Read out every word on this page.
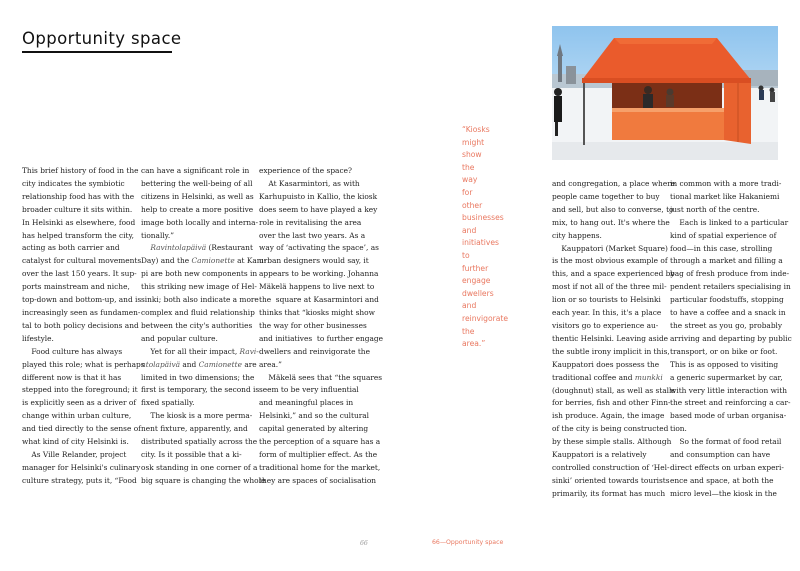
Opportunity space

This brief history of food in the

city indicates the symbiotic

relationship food has with the

broader culture it sits within.

In Helsinki as elsewhere, food

has helped transform the city,

acting as both carrier and

catalyst for cultural movements

over the last 150 years. It sup-

ports mainstream and niche,

top-down and bottom-up, and is

increasingly seen as fundamen-

tal to both policy decisions and

lifestyle.

Food culture has always

played this role; what is perhaps

different now is that it has

stepped into the foreground; it

is explicitly seen as a driver of

change within urban culture,

and tied directly to the sense of

what kind of city Helsinki is.

As Ville Relander, project

manager for Helsinki's culinary

culture strategy, puts it, “Food

can have a significant role in

bettering the well-being of all

citizens in Helsinki, as well as

help to create a more positive

image both locally and interna-

tionally.”

Ravintolapäivä (Restaurant

Day) and the Camionette at Kam-

pi are both new components in

this striking new image of Hel-

sinki; both also indicate a more

complex and fluid relationship

between the city's authorities

and popular culture.

Yet for all their impact, Ravi-

ntolapäivä and Camionette are

limited in two dimensions; the

first is temporary, the second is

fixed spatially.

The kiosk is a more perma-

nent fixture, apparently, and

distributed spatially across the

city. Is it possible that a ki-

osk standing in one corner of a

big square is changing the whole

experience of the space?

At Kasarmintori, as with

Karhupuisto in Kallio, the kiosk

does seem to have played a key

role in revitalising the area

over the last two years. As a

way of ‘activating the space’, as

urban designers would say, it

appears to be working. Johanna

Mäkelä happens to live next to

the  square at Kasarmintori and

thinks that “kiosks might show

the way for other businesses

and initiatives  to further engage

dwellers and reinvigorate the

area.”

Mäkelä sees that “the squares

seem to be very influential

and meaningful places in

Helsinki,” and so the cultural

capital generated by altering

the perception of a square has a

form of multiplier effect. As the

traditional home for the market,

they are spaces of socialisation

“Kiosks
might
show
the
way
for
other
businesses
and
initiatives
to
further
engage
dwellers
and
reinvigorate
the
area.”

and congregation, a place where

people came together to buy

and sell, but also to converse, to

mix, to hang out. It's where the

city happens.

Kauppatori (Market Square)

is the most obvious example of

this, and a space experienced by

most if not all of the three mil-

lion or so tourists to Helsinki

each year. In this, it's a place

visitors go to experience au-

thentic Helsinki. Leaving aside

the subtle irony implicit in this,

Kauppatori does possess the

traditional coffee and munkki

(doughnut) stall, as well as stalls

for berries, fish and other Finn-

ish produce. Again, the image

of the city is being constructed

by these simple stalls. Although

Kauppatori is a relatively

controlled construction of ‘Hel-

sinki’ oriented towards tourists

primarily, its format has much

in common with a more tradi-

tional market like Hakaniemi

just north of the centre.

Each is linked to a particular

kind of spatial experience of

food—in this case, strolling

through a market and filling a

bag of fresh produce from inde-

pendent retailers specialising in

particular foodstuffs, stopping

to have a coffee and a snack in

the street as you go, probably

arriving and departing by public

transport, or on bike or foot.

This is as opposed to visiting

a generic supermarket by car,

with very little interaction with

the street and reinforcing a car-

based mode of urban organisa-

tion.

So the format of food retail

and consumption can have

direct effects on urban experi-

ence and space, at both the

micro level—the kiosk in the

66	66—Opportunity space
